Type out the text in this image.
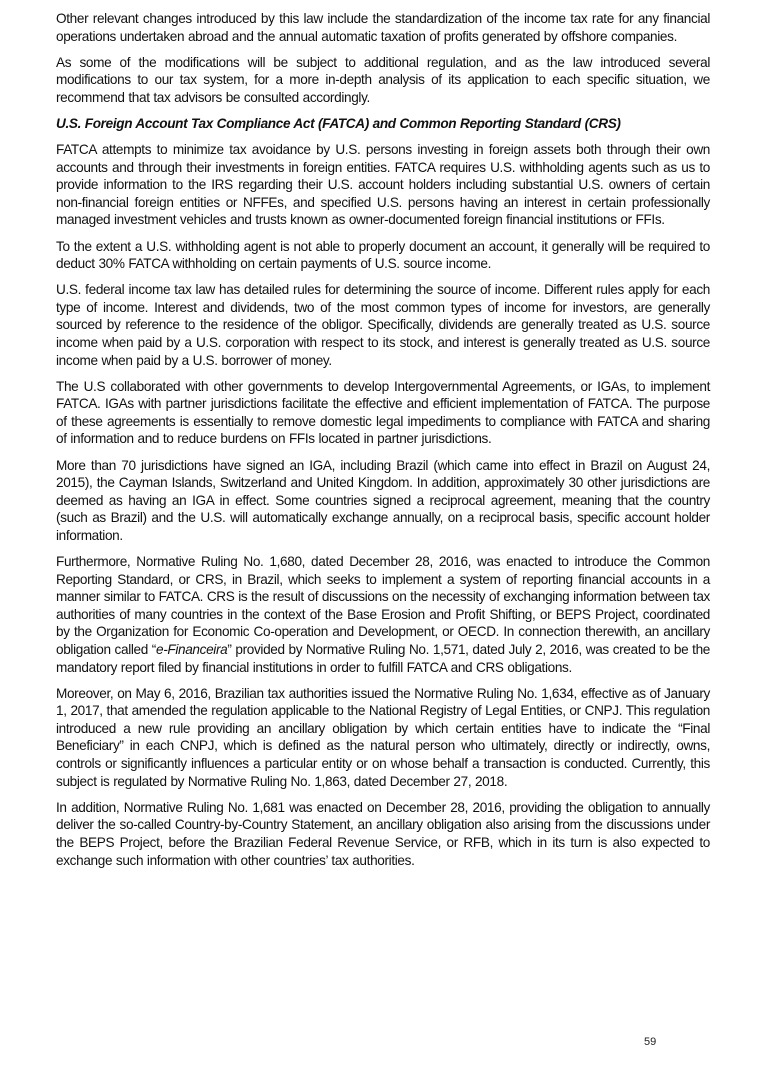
Other relevant changes introduced by this law include the standardization of the income tax rate for any financial operations undertaken abroad and the annual automatic taxation of profits generated by offshore companies.

As some of the modifications will be subject to additional regulation, and as the law introduced several modifications to our tax system, for a more in-depth analysis of its application to each specific situation, we recommend that tax advisors be consulted accordingly.

U.S. Foreign Account Tax Compliance Act (FATCA) and Common Reporting Standard (CRS)

FATCA attempts to minimize tax avoidance by U.S. persons investing in foreign assets both through their own accounts and through their investments in foreign entities. FATCA requires U.S. withholding agents such as us to provide information to the IRS regarding their U.S. account holders including substantial U.S. owners of certain non-financial foreign entities or NFFEs, and specified U.S. persons having an interest in certain professionally managed investment vehicles and trusts known as owner-documented foreign financial institutions or FFIs.

To the extent a U.S. withholding agent is not able to properly document an account, it generally will be required to deduct 30% FATCA withholding on certain payments of U.S. source income.

U.S. federal income tax law has detailed rules for determining the source of income. Different rules apply for each type of income. Interest and dividends, two of the most common types of income for investors, are generally sourced by reference to the residence of the obligor. Specifically, dividends are generally treated as U.S. source income when paid by a U.S. corporation with respect to its stock, and interest is generally treated as U.S. source income when paid by a U.S. borrower of money.

The U.S collaborated with other governments to develop Intergovernmental Agreements, or IGAs, to implement FATCA. IGAs with partner jurisdictions facilitate the effective and efficient implementation of FATCA. The purpose of these agreements is essentially to remove domestic legal impediments to compliance with FATCA and sharing of information and to reduce burdens on FFIs located in partner jurisdictions.

More than 70 jurisdictions have signed an IGA, including Brazil (which came into effect in Brazil on August 24, 2015), the Cayman Islands, Switzerland and United Kingdom. In addition, approximately 30 other jurisdictions are deemed as having an IGA in effect. Some countries signed a reciprocal agreement, meaning that the country (such as Brazil) and the U.S. will automatically exchange annually, on a reciprocal basis, specific account holder information.

Furthermore, Normative Ruling No. 1,680, dated December 28, 2016, was enacted to introduce the Common Reporting Standard, or CRS, in Brazil, which seeks to implement a system of reporting financial accounts in a manner similar to FATCA. CRS is the result of discussions on the necessity of exchanging information between tax authorities of many countries in the context of the Base Erosion and Profit Shifting, or BEPS Project, coordinated by the Organization for Economic Co-operation and Development, or OECD. In connection therewith, an ancillary obligation called “e-Financeira” provided by Normative Ruling No. 1,571, dated July 2, 2016, was created to be the mandatory report filed by financial institutions in order to fulfill FATCA and CRS obligations.

Moreover, on May 6, 2016, Brazilian tax authorities issued the Normative Ruling No. 1,634, effective as of January 1, 2017, that amended the regulation applicable to the National Registry of Legal Entities, or CNPJ. This regulation introduced a new rule providing an ancillary obligation by which certain entities have to indicate the “Final Beneficiary” in each CNPJ, which is defined as the natural person who ultimately, directly or indirectly, owns, controls or significantly influences a particular entity or on whose behalf a transaction is conducted. Currently, this subject is regulated by Normative Ruling No. 1,863, dated December 27, 2018.

In addition, Normative Ruling No. 1,681 was enacted on December 28, 2016, providing the obligation to annually deliver the so-called Country-by-Country Statement, an ancillary obligation also arising from the discussions under the BEPS Project, before the Brazilian Federal Revenue Service, or RFB, which in its turn is also expected to exchange such information with other countries’ tax authorities.

59
